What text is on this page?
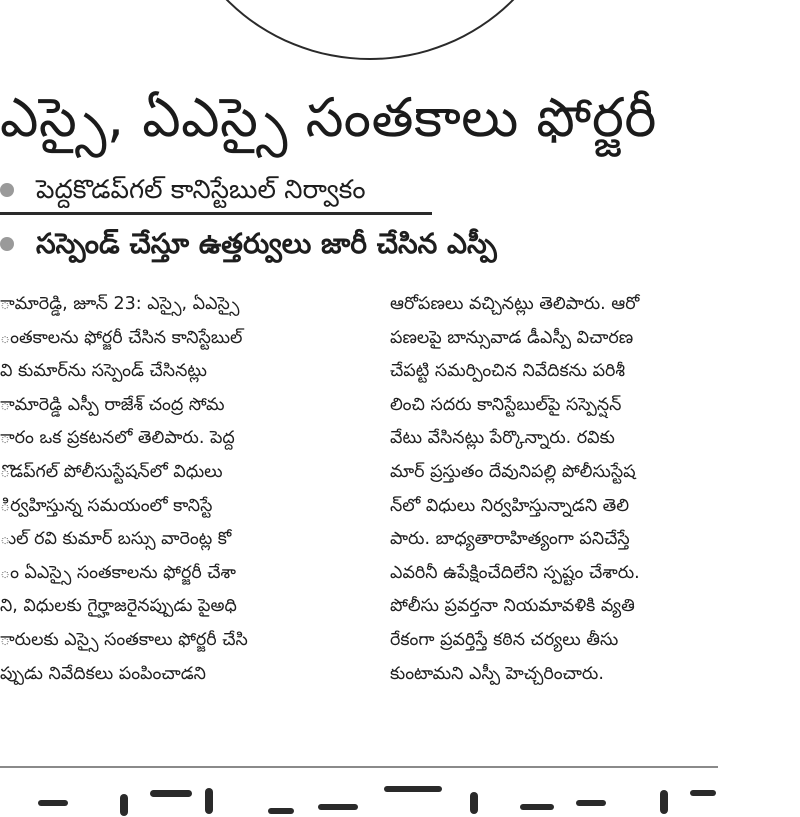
ఎస్సై, ఏఎస్సై సంతకాలు ఫోర్జరీ
పెద్దకొడప్‌గల్ కానిస్టేబుల్ నిర్వాకం
సస్పెండ్ చేస్తూ ఉత్తర్వులు జారీ చేసిన ఎస్పీ
ామారెడ్డి, జూన్ 23: ఎస్సై, ఏఎస్సై
ంతకాలను ఫోర్జరీ చేసిన కానిస్టేబుల్
వి కుమార్‌ను సస్పెండ్ చేసినట్లు
ామారెడ్డి ఎస్పీ రాజేశ్ చంద్ర సోమ
ారం ఒక ప్రకటనలో తెలిపారు. పెద్ద
ొడప్‌గల్ పోలీసుస్టేషన్‌లో విధులు
ిర్వహిస్తున్న సమయంలో కానిస్టే
ుల్ రవి కుమార్ బస్సు వారెంట్ల కో
ం ఏఎస్సై సంతకాలను ఫోర్జరీ చేశా
ని, విధులకు గైర్హాజరైనప్పుడు పైఅధి
ారులకు ఎస్సై సంతకాలు ఫోర్జరీ చేసి
ప్పుడు నివేదికలు పంపించాడని
ఆరోపణలు వచ్చినట్లు తెలిపారు. ఆరో
పణలపై బాన్సువాడ డీఎస్పీ విచారణ
చేపట్టి సమర్పించిన నివేదికను పరిశీ
లించి సదరు కానిస్టేబుల్‌పై సస్పెన్షన్
వేటు వేసినట్లు పేర్కొన్నారు. రవికు
మార్ ప్రస్తుతం దేవునిపల్లి పోలీసుస్టేష
న్‌లో విధులు నిర్వహిస్తున్నాడని తెలి
పారు. బాధ్యతారాహిత్యంగా పనిచేస్తే
ఎవరినీ ఉపేక్షించేదిలేని స్పష్టం చేశారు.
పోలీసు ప్రవర్తనా నియమావళికి వ్యతి
రేకంగా ప్రవర్తిస్తే కఠిన చర్యలు తీసు
కుంటామని ఎస్పీ హెచ్చరించారు.
